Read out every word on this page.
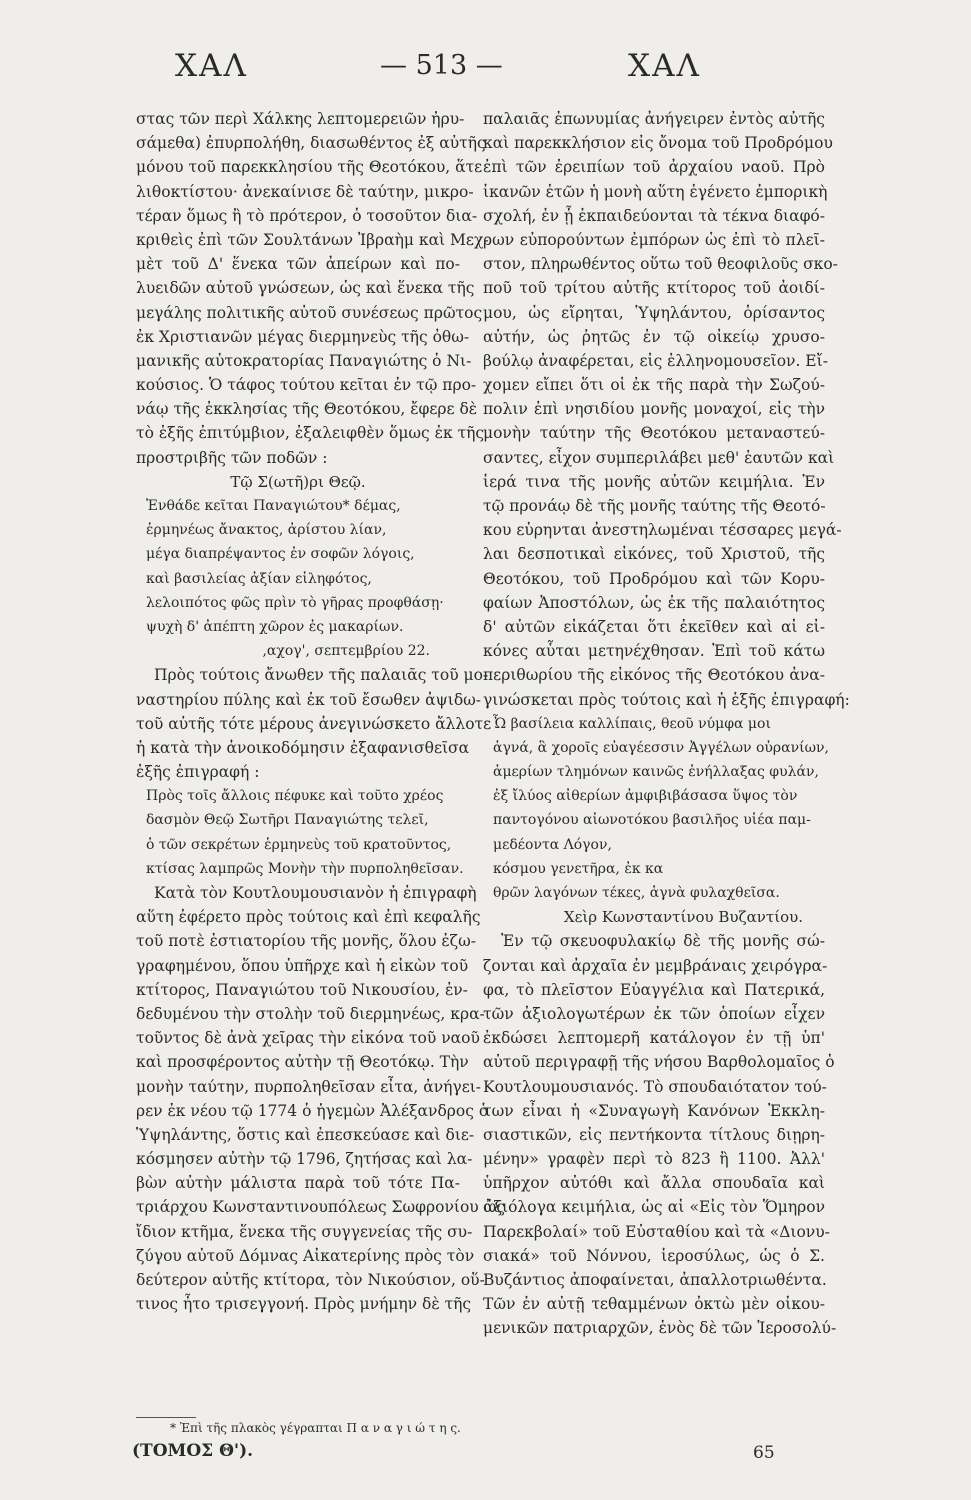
ΧΑΛ	— 513 —	ΧΑΛ
στας τῶν περὶ Χάλκης λεπτομερειῶν ἠρυ-
σάμεθα) ἐπυρπολήθη, διασωθέντος ἐξ αὐτῆς
μόνου τοῦ παρεκκλησίου τῆς Θεοτόκου, ἅτε
λιθοκτίστου· ἀνεκαίνισε δὲ ταύτην, μικρο-
τέραν ὅμως ἢ τὸ πρότερον, ὁ τοσοῦτον δια-
κριθεὶς ἐπὶ τῶν Σουλτάνων Ἰβραὴμ καὶ Μεχ-
μὲτ τοῦ Δ' ἕνεκα τῶν ἀπείρων καὶ πο-
λυειδῶν αὐτοῦ γνώσεων, ὡς καὶ ἕνεκα τῆς
μεγάλης πολιτικῆς αὐτοῦ συνέσεως πρῶτος
ἐκ Χριστιανῶν μέγας διερμηνεὺς τῆς ὀθω-
μανικῆς αὐτοκρατορίας Παναγιώτης ὁ Νι-
κούσιος. Ὁ τάφος τούτου κεῖται ἐν τῷ προ-
νάῳ τῆς ἐκκλησίας τῆς Θεοτόκου, ἔφερε δὲ
τὸ ἑξῆς ἐπιτύμβιον, ἐξαλειφθὲν ὅμως ἐκ τῆς
προστριβῆς τῶν ποδῶν :
Τῷ Σ(ωτῆ)ρι Θεῷ.
Ἐνθάδε κεῖται Παναγιώτου* δέμας,
ἑρμηνέως ἄνακτος, ἀρίστου λίαν,
μέγα διαπρέψαντος ἐν σοφῶν λόγοις,
καὶ βασιλείας ἀξίαν εἰληφότος,
λελοιπότος φῶς πρὶν τὸ γῆρας προφθάσῃ·
ψυχὴ δ' ἀπέπτη χῶρον ἐς μακαρίων.
,αχογ', σεπτεμβρίου 22.
Πρὸς τούτοις ἄνωθεν τῆς παλαιᾶς τοῦ μο-
ναστηρίου πύλης καὶ ἐκ τοῦ ἔσωθεν ἀψιδω-
τοῦ αὐτῆς τότε μέρους ἀνεγινώσκετο ἄλλοτε
ἡ κατὰ τὴν ἀνοικοδόμησιν ἐξαφανισθεῖσα
ἑξῆς ἐπιγραφή :
Πρὸς τοῖς ἄλλοις πέφυκε καὶ τοῦτο χρέος
δασμὸν Θεῷ Σωτῆρι Παναγιώτης τελεῖ,
ὁ τῶν σεκρέτων ἑρμηνεὺς τοῦ κρατοῦντος,
κτίσας λαμπρῶς Μονὴν τὴν πυρποληθεῖσαν.
Κατὰ τὸν Κουτλουμουσιανὸν ἡ ἐπιγραφὴ
αὕτη ἐφέρετο πρὸς τούτοις καὶ ἐπὶ κεφαλῆς
τοῦ ποτὲ ἑστιατορίου τῆς μονῆς, ὅλου ἐζω-
γραφημένου, ὅπου ὑπῆρχε καὶ ἡ εἰκὼν τοῦ
κτίτορος, Παναγιώτου τοῦ Νικουσίου, ἐν-
δεδυμένου τὴν στολὴν τοῦ διερμηνέως, κρα-
τοῦντος δὲ ἀνὰ χεῖρας τὴν εἰκόνα τοῦ ναοῦ
καὶ προσφέροντος αὐτὴν τῇ Θεοτόκῳ. Τὴν
μονὴν ταύτην, πυρποληθεῖσαν εἶτα, ἀνήγει-
ρεν ἐκ νέου τῷ 1774 ὁ ἡγεμὼν Ἀλέξανδρος ὁ
Ὑψηλάντης, ὅστις καὶ ἐπεσκεύασε καὶ διε-
κόσμησεν αὐτὴν τῷ 1796, ζητήσας καὶ λα-
βὼν αὐτὴν μάλιστα παρὰ τοῦ τότε Πα-
τριάρχου Κωνσταντινουπόλεως Σωφρονίου ὡς
ἴδιον κτῆμα, ἕνεκα τῆς συγγενείας τῆς συ-
ζύγου αὐτοῦ Δόμνας Αἰκατερίνης πρὸς τὸν
δεύτερον αὐτῆς κτίτορα, τὸν Νικούσιον, οὕ-
τινος ἦτο τρισεγγονή. Πρὸς μνήμην δὲ τῆς
παλαιᾶς ἐπωνυμίας ἀνήγειρεν ἐντὸς αὐτῆς
καὶ παρεκκλήσιον εἰς ὄνομα τοῦ Προδρόμου
ἐπὶ τῶν ἐρειπίων τοῦ ἀρχαίου ναοῦ. Πρὸ
ἱκανῶν ἐτῶν ἡ μονὴ αὕτη ἐγένετο ἐμπορικὴ
σχολή, ἐν ᾗ ἐκπαιδεύονται τὰ τέκνα διαφό-
ρων εὐπορούντων ἐμπόρων ὡς ἐπὶ τὸ πλεῖ-
στον, πληρωθέντος οὕτω τοῦ θεοφιλοῦς σκο-
ποῦ τοῦ τρίτου αὐτῆς κτίτορος τοῦ ἀοιδί-
μου, ὡς εἴρηται, Ὑψηλάντου, ὁρίσαντος
αὐτήν, ὡς ῥητῶς ἐν τῷ οἰκείῳ χρυσο-
βούλῳ ἀναφέρεται, εἰς ἑλληνομουσεῖον. Εἴ-
χομεν εἴπει ὅτι οἱ ἐκ τῆς παρὰ τὴν Σωζού-
πολιν ἐπὶ νησιδίου μονῆς μοναχοί, εἰς τὴν
μονὴν ταύτην τῆς Θεοτόκου μεταναστεύ-
σαντες, εἶχον συμπεριλάβει μεθ' ἑαυτῶν καὶ
ἱερά τινα τῆς μονῆς αὐτῶν κειμήλια. Ἐν
τῷ προνάῳ δὲ τῆς μονῆς ταύτης τῆς Θεοτό-
κου εὑρηνται ἀνεστηλωμέναι τέσσαρες μεγά-
λαι δεσποτικαὶ εἰκόνες, τοῦ Χριστοῦ, τῆς
Θεοτόκου, τοῦ Προδρόμου καὶ τῶν Κορυ-
φαίων Ἀποστόλων, ὡς ἐκ τῆς παλαιότητος
δ' αὐτῶν εἰκάζεται ὅτι ἐκεῖθεν καὶ αἱ εἰ-
κόνες αὗται μετηνέχθησαν. Ἐπὶ τοῦ κάτω
περιθωρίου τῆς εἰκόνος τῆς Θεοτόκου ἀνα-
γινώσκεται πρὸς τούτοις καὶ ἡ ἑξῆς ἐπιγραφή:
Ὦ βασίλεια καλλίπαις, θεοῦ νύμφα μοι
ἁγνά, ἃ χοροῖς εὐαγέεσσιν Ἀγγέλων οὐρανίων,
ἀμερίων τλημόνων καινῶς ἐνήλλαξας φυλάν,
ἐξ ἴλύος αἰθερίων ἀμφιβιβάσασα ὕψος τὸν
παντογόνου αἰωνοτόκου βασιλῆος υἱέα παμ-
μεδέοντα Λόγον,
κόσμου γενετῆρα, ἐκ κα
θρῶν λαγόνων τέκες, ἁγνὰ φυλαχθεῖσα.
Χεὶρ Κωνσταντίνου Βυζαντίου.
Ἐν τῷ σκευοφυλακίῳ δὲ τῆς μονῆς σώ-
ζονται καὶ ἀρχαῖα ἐν μεμβράναις χειρόγρα-
φα, τὸ πλεῖστον Εὐαγγέλια καὶ Πατερικά,
τῶν ἀξιολογωτέρων ἐκ τῶν ὁποίων εἶχεν
ἐκδώσει λεπτομερῆ κατάλογον ἐν τῇ ὑπ'
αὐτοῦ περιγραφῇ τῆς νήσου Βαρθολομαῖος ὁ
Κουτλουμουσιανός. Τὸ σπουδαιότατον τού-
των εἶναι ἡ «Συναγωγὴ Κανόνων Ἐκκλη-
σιαστικῶν, εἰς πεντήκοντα τίτλους διῃρη-
μένην» γραφὲν περὶ τὸ 823 ἢ 1100. Ἀλλ'
ὑπῆρχον αὐτόθι καὶ ἄλλα σπουδαῖα καὶ
ἀξιόλογα κειμήλια, ὡς αἱ «Εἰς τὸν Ὅμηρον
Παρεκβολαί» τοῦ Εὐσταθίου καὶ τὰ «Διονυ-
σιακά» τοῦ Νόννου, ἱεροσύλως, ὡς ὁ Σ.
Βυζάντιος ἀποφαίνεται, ἀπαλλοτριωθέντα.
Τῶν ἐν αὐτῇ τεθαμμένων ὀκτὼ μὲν οἰκου-
μενικῶν πατριαρχῶν, ἑνὸς δὲ τῶν Ἱεροσολύ-
* Ἐπὶ τῆς πλακὸς γέγραπται Π α ν α γ ι ώ τ η ς.
(ΤΟΜΟΣ Θ').	65
